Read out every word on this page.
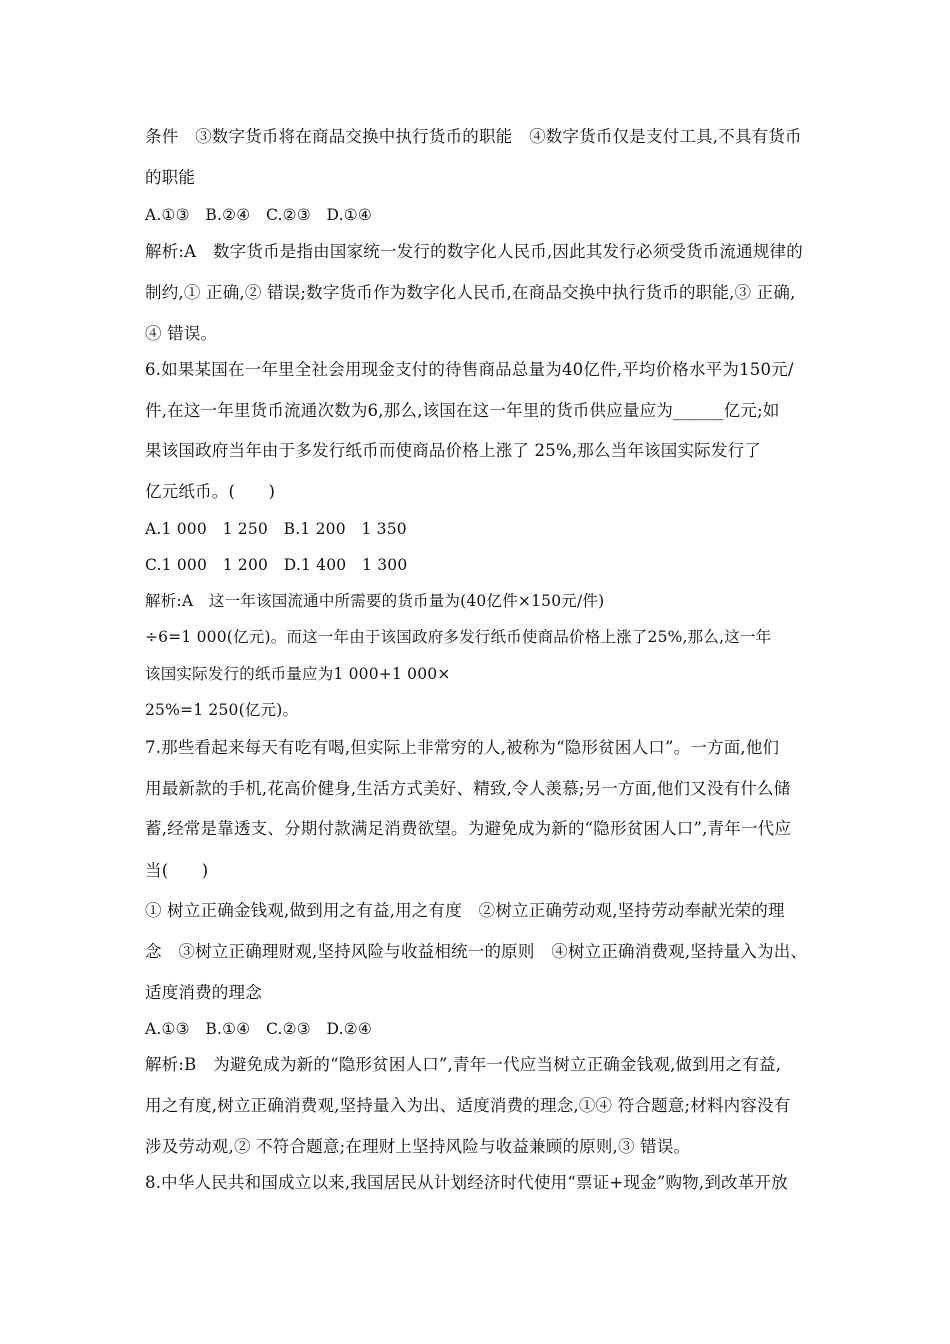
条件　③数字货币将在商品交换中执行货币的职能　④数字货币仅是支付工具,不具有货币
的职能
A.①③　B.②④　C.②③　D.①④
解析:A　数字货币是指由国家统一发行的数字化人民币,因此其发行必须受货币流通规律的
制约,① 正确,② 错误;数字货币作为数字化人民币,在商品交换中执行货币的职能,③ 正确,
④ 错误。
6.如果某国在一年里全社会用现金支付的待售商品总量为40亿件,平均价格水平为150元/
件,在这一年里货币流通次数为6,那么,该国在这一年里的货币供应量应为______亿元;如
果该国政府当年由于多发行纸币而使商品价格上涨了 25%,那么当年该国实际发行了
亿元纸币。(　　)
A.1 000　1 250　B.1 200　1 350
C.1 000　1 200　D.1 400　1 300
解析:A　这一年该国流通中所需要的货币量为(40亿件×150元/件)
÷6=1 000(亿元)。而这一年由于该国政府多发行纸币使商品价格上涨了25%,那么,这一年
该国实际发行的纸币量应为1 000+1 000×
25%=1 250(亿元)。
7.那些看起来每天有吃有喝,但实际上非常穷的人,被称为“隐形贫困人口”。一方面,他们
用最新款的手机,花高价健身,生活方式美好、精致,令人羡慕;另一方面,他们又没有什么储
蓄,经常是靠透支、分期付款满足消费欲望。为避免成为新的“隐形贫困人口”,青年一代应
当(　　)
① 树立正确金钱观,做到用之有益,用之有度　②树立正确劳动观,坚持劳动奉献光荣的理
念　③树立正确理财观,坚持风险与收益相统一的原则　④树立正确消费观,坚持量入为出、
适度消费的理念
A.①③　B.①④　C.②③　D.②④
解析:B　为避免成为新的“隐形贫困人口”,青年一代应当树立正确金钱观,做到用之有益,
用之有度,树立正确消费观,坚持量入为出、适度消费的理念,①④ 符合题意;材料内容没有
涉及劳动观,② 不符合题意;在理财上坚持风险与收益兼顾的原则,③ 错误。
8.中华人民共和国成立以来,我国居民从计划经济时代使用“票证+现金”购物,到改革开放
